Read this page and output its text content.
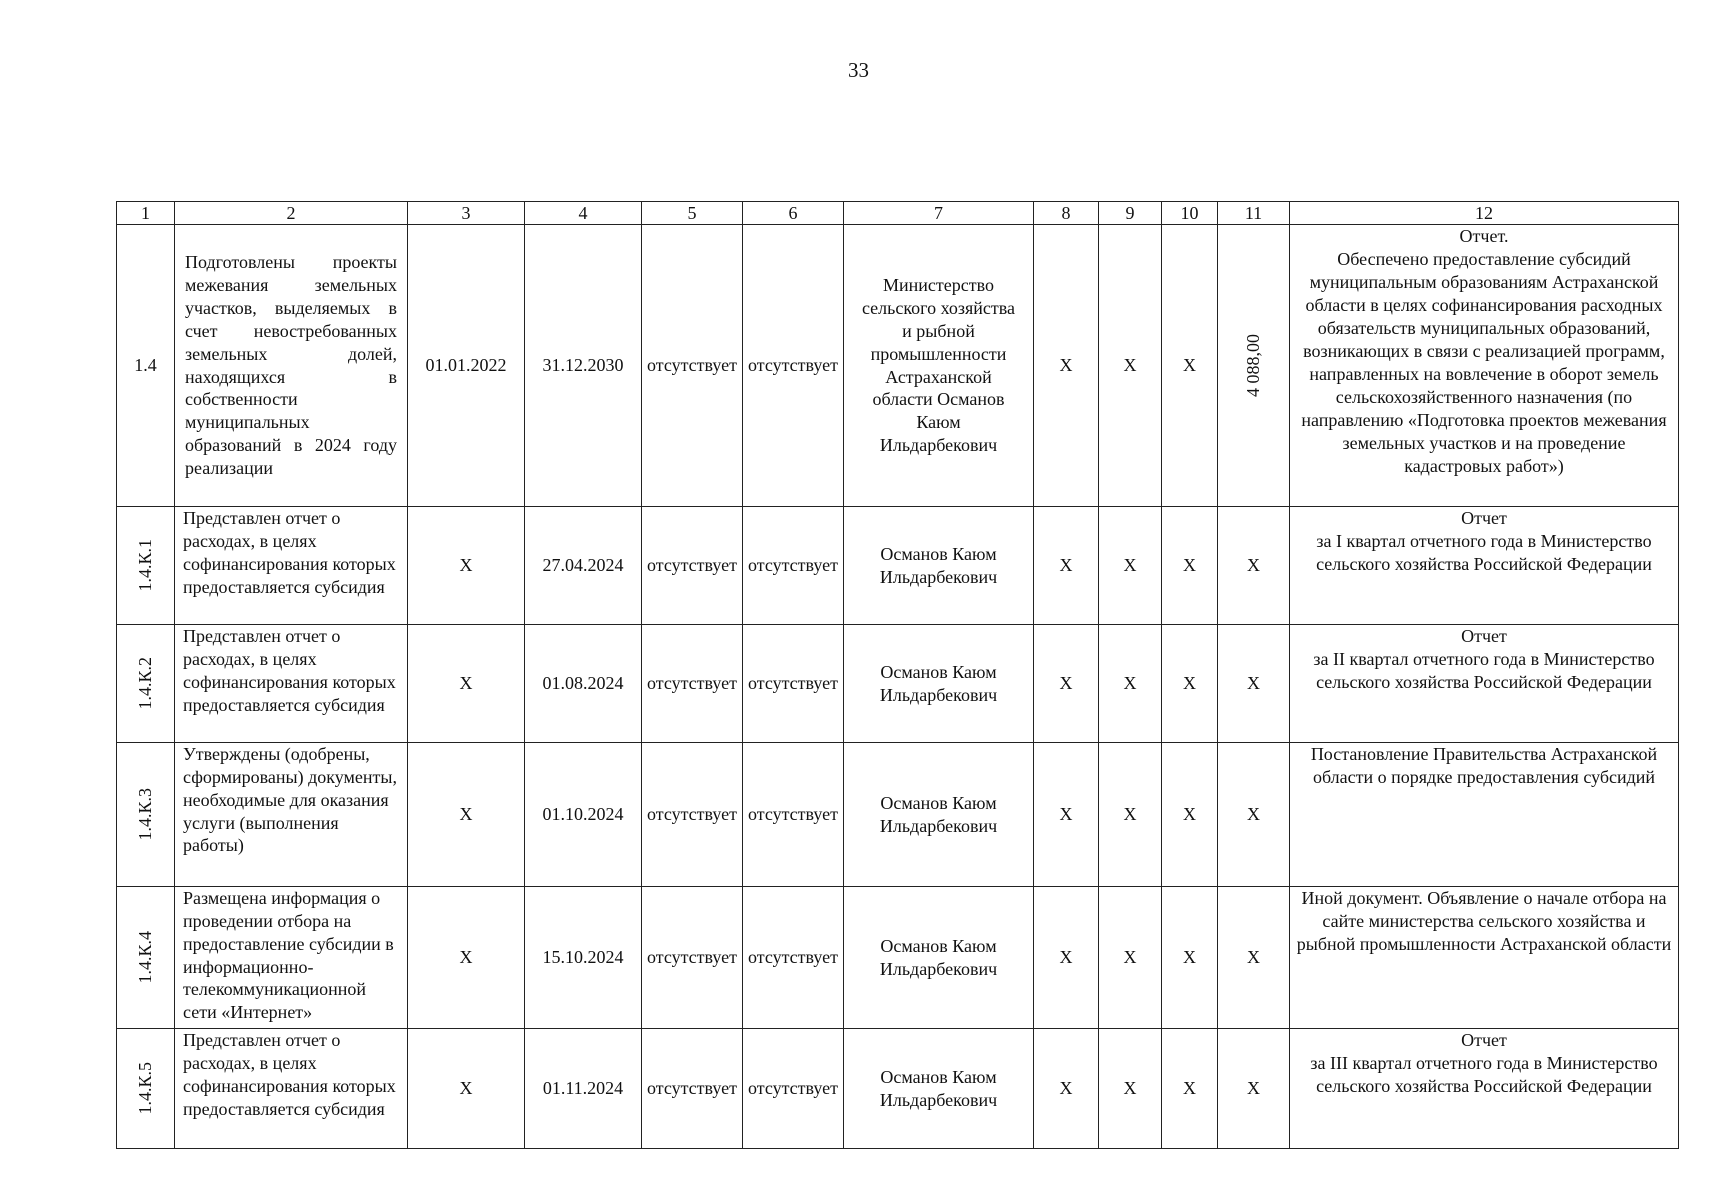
33
1	2	3	4	5	6	7	8	9	10	11	12
1.4	Подготовлены проекты межевания земельных участков, выделяемых в счет невостребованных земельных долей, находящихся в собственности муниципальных образований в 2024 году реализации	01.01.2022	31.12.2030	отсутствует	отсутствует	Министерство сельского хозяйства и рыбной промышленности Астраханской области Османов Каюм Ильдарбекович	X	X	X	4 088,00	Отчет.
Обеспечено предоставление субсидий муниципальным образованиям Астраханской области в целях софинансирования расходных обязательств муниципальных образований, возникающих в связи с реализацией программ, направленных на вовлечение в оборот земель сельскохозяйственного назначения (по направлению «Подготовка проектов межевания земельных участков и на проведение кадастровых работ»)

1.4.К.1	Представлен отчет о расходах, в целях софинансирования которых предоставляется субсидия	X	27.04.2024	отсутствует	отсутствует	Османов Каюм Ильдарбекович	X	X	X	X	Отчет
за I квартал отчетного года в Министерство сельского хозяйства Российской Федерации

1.4.К.2	Представлен отчет о расходах, в целях софинансирования которых предоставляется субсидия	X	01.08.2024	отсутствует	отсутствует	Османов Каюм Ильдарбекович	X	X	X	X	Отчет
за II квартал отчетного года в Министерство сельского хозяйства Российской Федерации

1.4.К.3	Утверждены (одобрены, сформированы) документы, необходимые для оказания услуги (выполнения работы)	X	01.10.2024	отсутствует	отсутствует	Османов Каюм Ильдарбекович	X	X	X	X	Постановление Правительства Астраханской области о порядке предоставления субсидий

1.4.К.4	Размещена информация о проведении отбора на предоставление субсидии в информационно-телекоммуникационной сети «Интернет»	X	15.10.2024	отсутствует	отсутствует	Османов Каюм Ильдарбекович	X	X	X	X	Иной документ. Объявление о начале отбора на сайте министерства сельского хозяйства и рыбной промышленности Астраханской области

1.4.К.5	Представлен отчет о расходах, в целях софинансирования которых предоставляется субсидия	X	01.11.2024	отсутствует	отсутствует	Османов Каюм Ильдарбекович	X	X	X	X	Отчет
за III квартал отчетного года в Министерство сельского хозяйства Российской Федерации
